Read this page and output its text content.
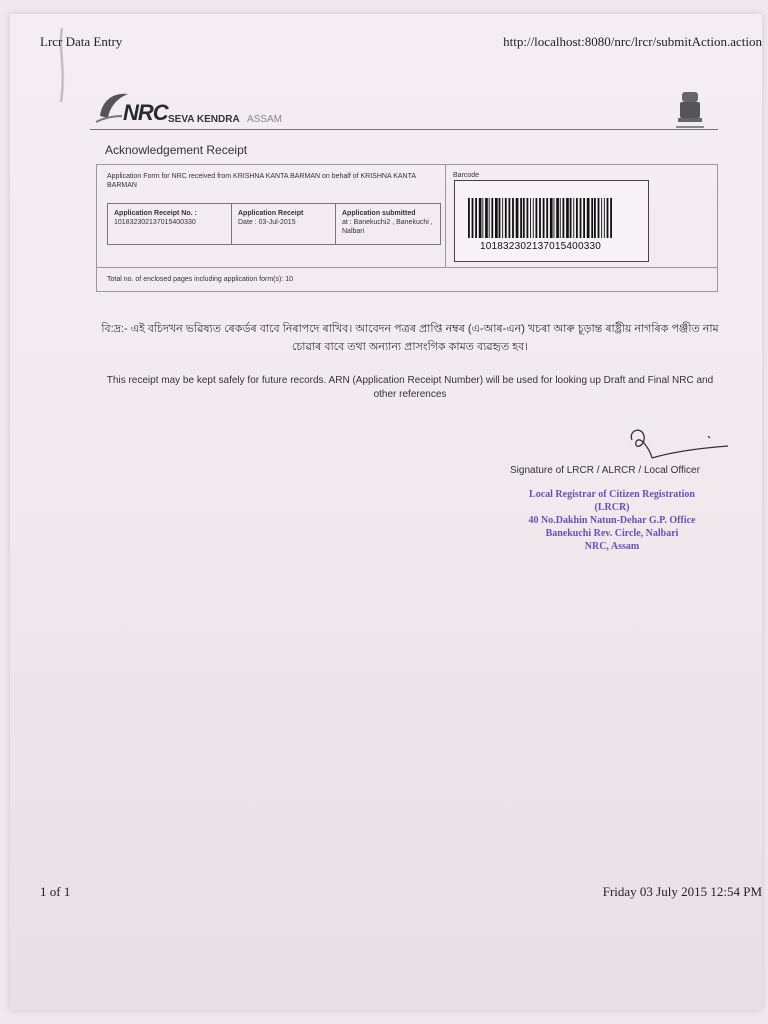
Lrcr Data Entry	http://localhost:8080/nrc/lrcr/submitAction.action
NRC SEVA KENDRA ASSAM
Acknowledgement Receipt
Application Form for NRC received from KRISHNA KANTA BARMAN on behalf of KRISHNA KANTA BARMAN
Application Receipt No. :
101832302137015400330
Application Receipt
Date : 03-Jul-2015
Application submitted
at : Banekuchi2 , Banekuchi , Nalbari
Barcode
101832302137015400330
Total no. of enclosed pages including application form(s): 10
বি:দ্র:- এই বচিদখন ভৱিষ্যত ৰেকৰ্ডৰ বাবে নিৰাপদে ৰাখিব। আবেদন পত্ৰৰ প্ৰাপ্তি নম্বৰ (এ-আৰ-এন) খচৰা আৰু চূড়ান্ত ৰাষ্ট্ৰীয় নাগৰিক পঞ্জীত নাম চোৱাৰ বাবে তথা অন্যান্য প্ৰাসংগিক কামত ব্যৱহৃত হব।
This receipt may be kept safely for future records. ARN (Application Receipt Number) will be used for looking up Draft and Final NRC and other references
Signature of LRCR / ALRCR / Local Officer
Local Registrar of Citizen Registration
(LRCR)
40 No.Dakhin Natun-Dehar G.P. Office
Banekuchi Rev. Circle, Nalbari
NRC, Assam
1 of 1	Friday 03 July 2015 12:54 PM
